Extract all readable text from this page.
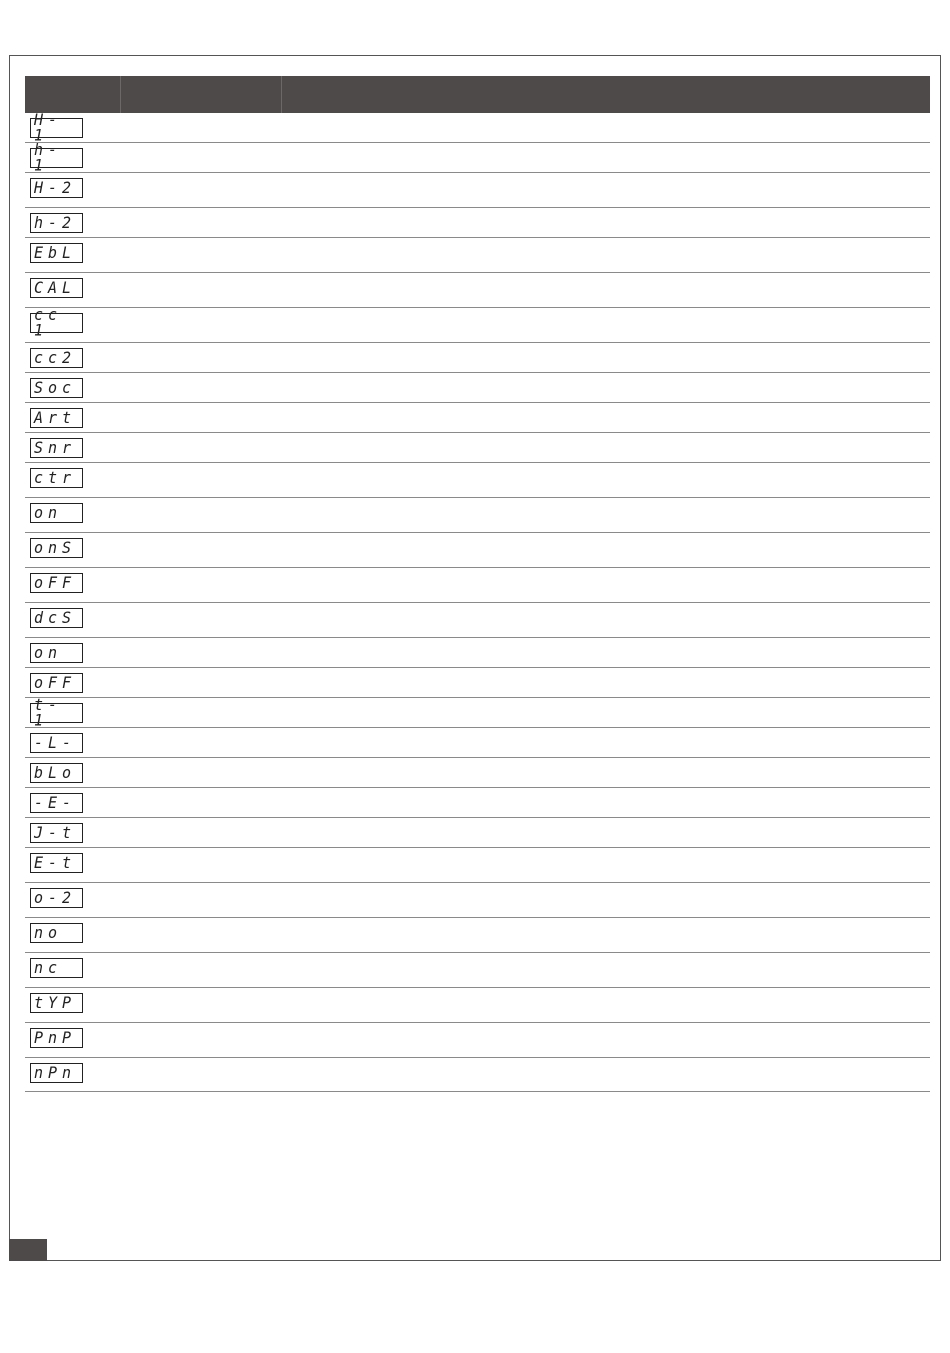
H- 1
h- 1
H-2
h-2
EbL
CAL
cc 1
cc2
Soc
Art
Snr
ctr
on
onS
oFF
dcS
on
oFF
t- 1
-L-
bLo
-E-
J-t
E-t
o-2
no
nc
tYP
PnP
nPn
